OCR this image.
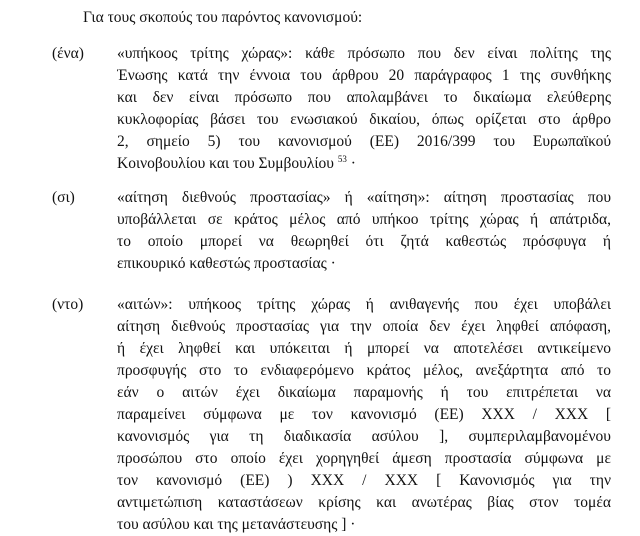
Για τους σκοπούς του παρόντος κανονισμού:
(ένα) «υπήκοος τρίτης χώρας»: κάθε πρόσωπο που δεν είναι πολίτης της
Ένωσης κατά την έννοια του άρθρου 20 παράγραφος 1 της συνθήκης
και δεν είναι πρόσωπο που απολαμβάνει το δικαίωμα ελεύθερης
κυκλοφορίας βάσει του ενωσιακού δικαίου, όπως ορίζεται στο άρθρο
2, σημείο 5) του κανονισμού (ΕΕ) 2016/399 του Ευρωπαϊκού
Κοινοβουλίου και του Συμβουλίου $^{53}$ ·
(σι)	«αίτηση διεθνούς προστασίας» ή «αίτηση»: αίτηση προστασίας που
υποβάλλεται σε κράτος μέλος από υπήκοο τρίτης χώρας ή απάτριδα,
το οποίο μπορεί να θεωρηθεί ότι ζητά καθεστώς πρόσφυγα ή
επικουρικό καθεστώς προστασίας ·
(ντο) «αιτών»: υπήκοος τρίτης χώρας ή ανιθαγενής που έχει υποβάλει
αίτηση διεθνούς προστασίας για την οποία δεν έχει ληφθεί απόφαση,
ή έχει ληφθεί και υπόκειται ή μπορεί να αποτελέσει αντικείμενο
προσφυγής στο το ενδιαφερόμενο κράτος μέλος, ανεξάρτητα από το
εάν ο αιτών έχει δικαίωμα παραμονής ή του επιτρέπεται να
παραμείνει σύμφωνα με τον κανονισμό (ΕΕ) XXX / XXX [
κανονισμός για τη διαδικασία ασύλου ], συμπεριλαμβανομένου
προσώπου στο οποίο έχει χορηγηθεί άμεση προστασία σύμφωνα με
τον κανονισμό (ΕΕ) ) XXX / XXX [ Κανονισμός για την
αντιμετώπιση καταστάσεων κρίσης και ανωτέρας βίας στον τομέα
του ασύλου και της μετανάστευσης ] ·
